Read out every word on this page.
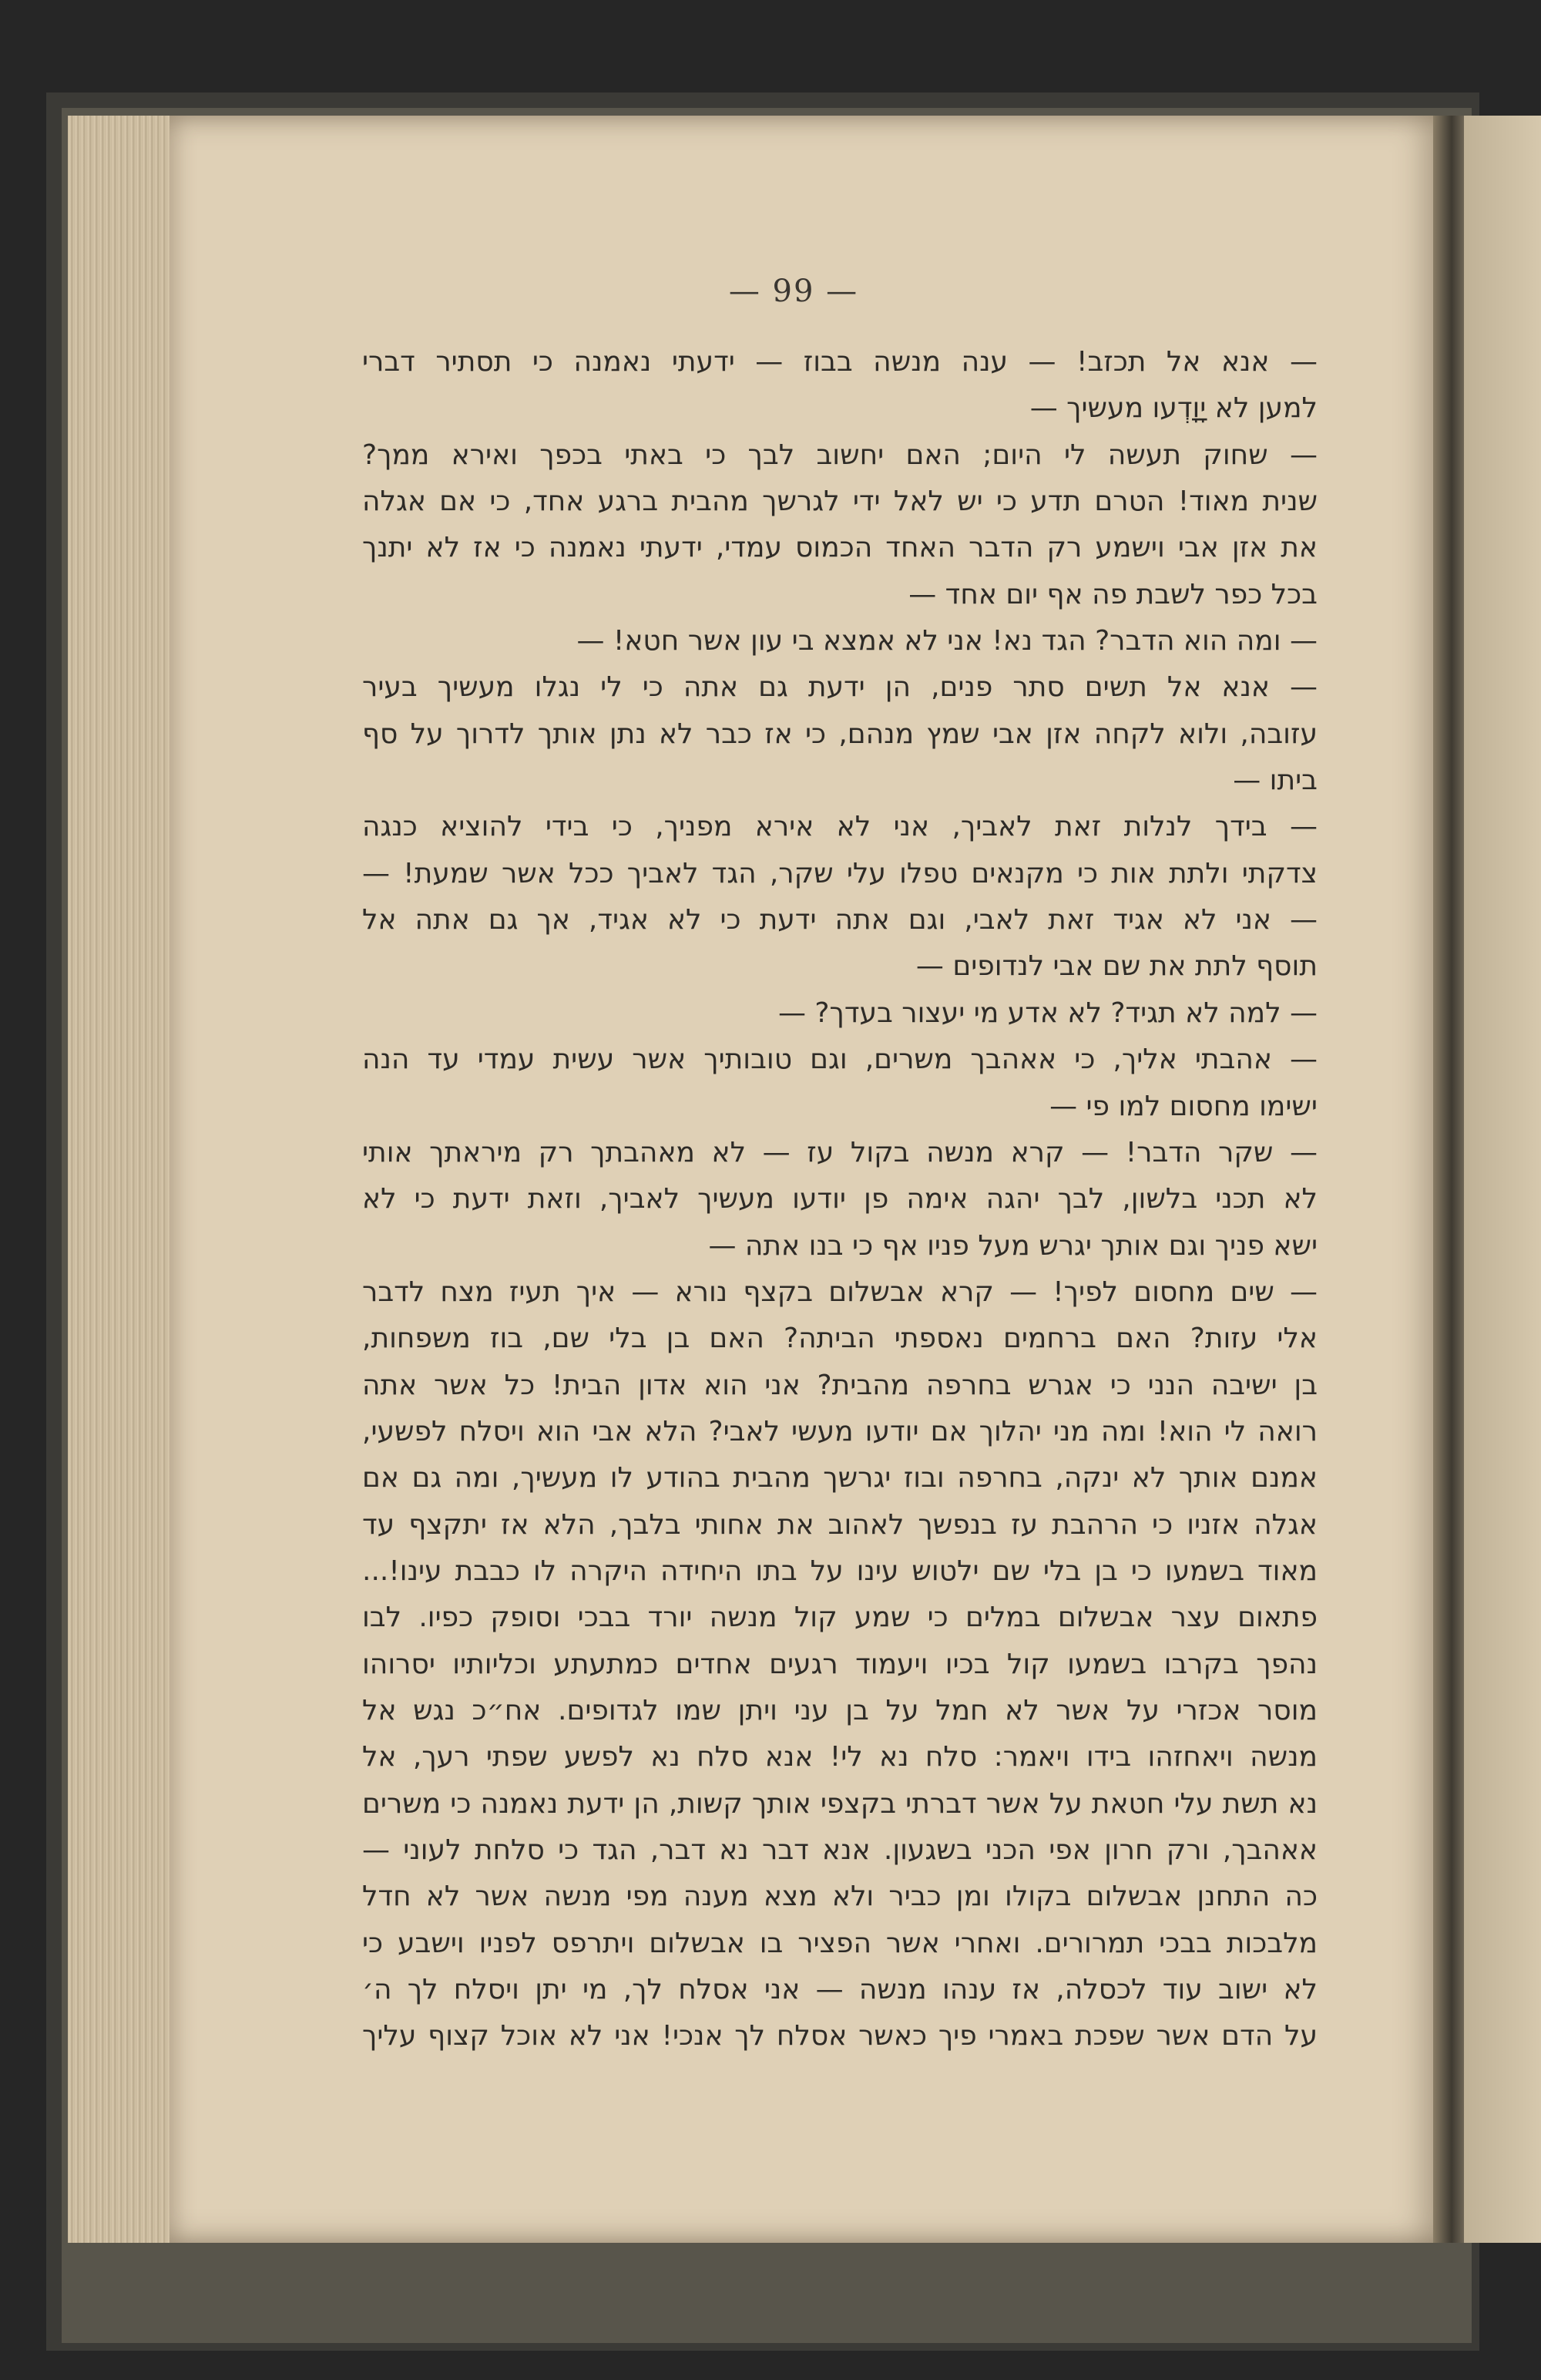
— 99 —
— אנא אל תכזב! — ענה מנשה בבוז — ידעתי נאמנה כי תסתיר דברי
למען לא יָוָדְעו מעשיך —
— שחוק תעשה לי היום; האם יחשוב לבך כי באתי בכפך ואירא ממך?
שנית מאוד! הטרם תדע כי יש לאל ידי לגרשך מהבית ברגע אחד, כי אם אגלה
את אזן אבי וישמע רק הדבר האחד הכמוס עמדי, ידעתי נאמנה כי אז לא יתנך
בכל כפר לשבת פה אף יום אחד —
— ומה הוא הדבר? הגד נא! אני לא אמצא בי עון אשר חטא! —
— אנא אל תשים סתר פנים, הן ידעת גם אתה כי לי נגלו מעשיך בעיר
עזובה, ולוא לקחה אזן אבי שמץ מנהם, כי אז כבר לא נתן אותך לדרוך על סף
ביתו —
— בידך לנלות זאת לאביך, אני לא אירא מפניך, כי בידי להוציא כנגה
צדקתי ולתת אות כי מקנאים טפלו עלי שקר, הגד לאביך ככל אשר שמעת! —
— אני לא אגיד זאת לאבי, וגם אתה ידעת כי לא אגיד, אך גם אתה אל
תוסף לתת את שם אבי לנדופים —
— למה לא תגיד? לא אדע מי יעצור בעדך? —
— אהבתי אליך, כי אאהבך משרים, וגם טובותיך אשר עשית עמדי עד הנה
ישימו מחסום למו פי —
— שקר הדבר! — קרא מנשה בקול עז — לא מאהבתך רק מיראתך אותי
לא תכני בלשון, לבך יהגה אימה פן יודעו מעשיך לאביך, וזאת ידעת כי לא
ישא פניך וגם אותך יגרש מעל פניו אף כי בנו אתה —
— שים מחסום לפיך! — קרא אבשלום בקצף נורא — איך תעיז מצח לדבר
אלי עזות? האם ברחמים נאספתי הביתה? האם בן בלי שם, בוז משפחות,
בן ישיבה הנני כי אגרש בחרפה מהבית? אני הוא אדון הבית! כל אשר אתה
רואה לי הוא! ומה מני יהלוך אם יודעו מעשי לאבי? הלא אבי הוא ויסלח לפשעי,
אמנם אותך לא ינקה, בחרפה ובוז יגרשך מהבית בהודע לו מעשיך, ומה גם אם
אגלה אזניו כי הרהבת עז בנפשך לאהוב את אחותי בלבך, הלא אז יתקצף עד
מאוד בשמעו כי בן בלי שם ילטוש עינו על בתו היחידה היקרה לו כבבת עינו!...
פתאום עצר אבשלום במלים כי שמע קול מנשה יורד בבכי וסופק כפיו. לבו
נהפך בקרבו בשמעו קול בכיו ויעמוד רגעים אחדים כמתעתע וכליותיו יסרוהו
מוסר אכזרי על אשר לא חמל על בן עני ויתן שמו לגדופים. אח״כ נגש אל
מנשה ויאחזהו בידו ויאמר: סלח נא לי! אנא סלח נא לפשע שפתי רעך, אל
נא תשת עלי חטאת על אשר דברתי בקצפי אותך קשות, הן ידעת נאמנה כי משרים
אאהבך, ורק חרון אפי הכני בשגעון. אנא דבר נא דבר, הגד כי סלחת לעוני —
כה התחנן אבשלום בקולו ומן כביר ולא מצא מענה מפי מנשה אשר לא חדל
מלבכות בבכי תמרורים. ואחרי אשר הפציר בו אבשלום ויתרפס לפניו וישבע כי
לא ישוב עוד לכסלה, אז ענהו מנשה — אני אסלח לך, מי יתן ויסלח לך ה׳
על הדם אשר שפכת באמרי פיך כאשר אסלח לך אנכי! אני לא אוכל קצוף עליך
